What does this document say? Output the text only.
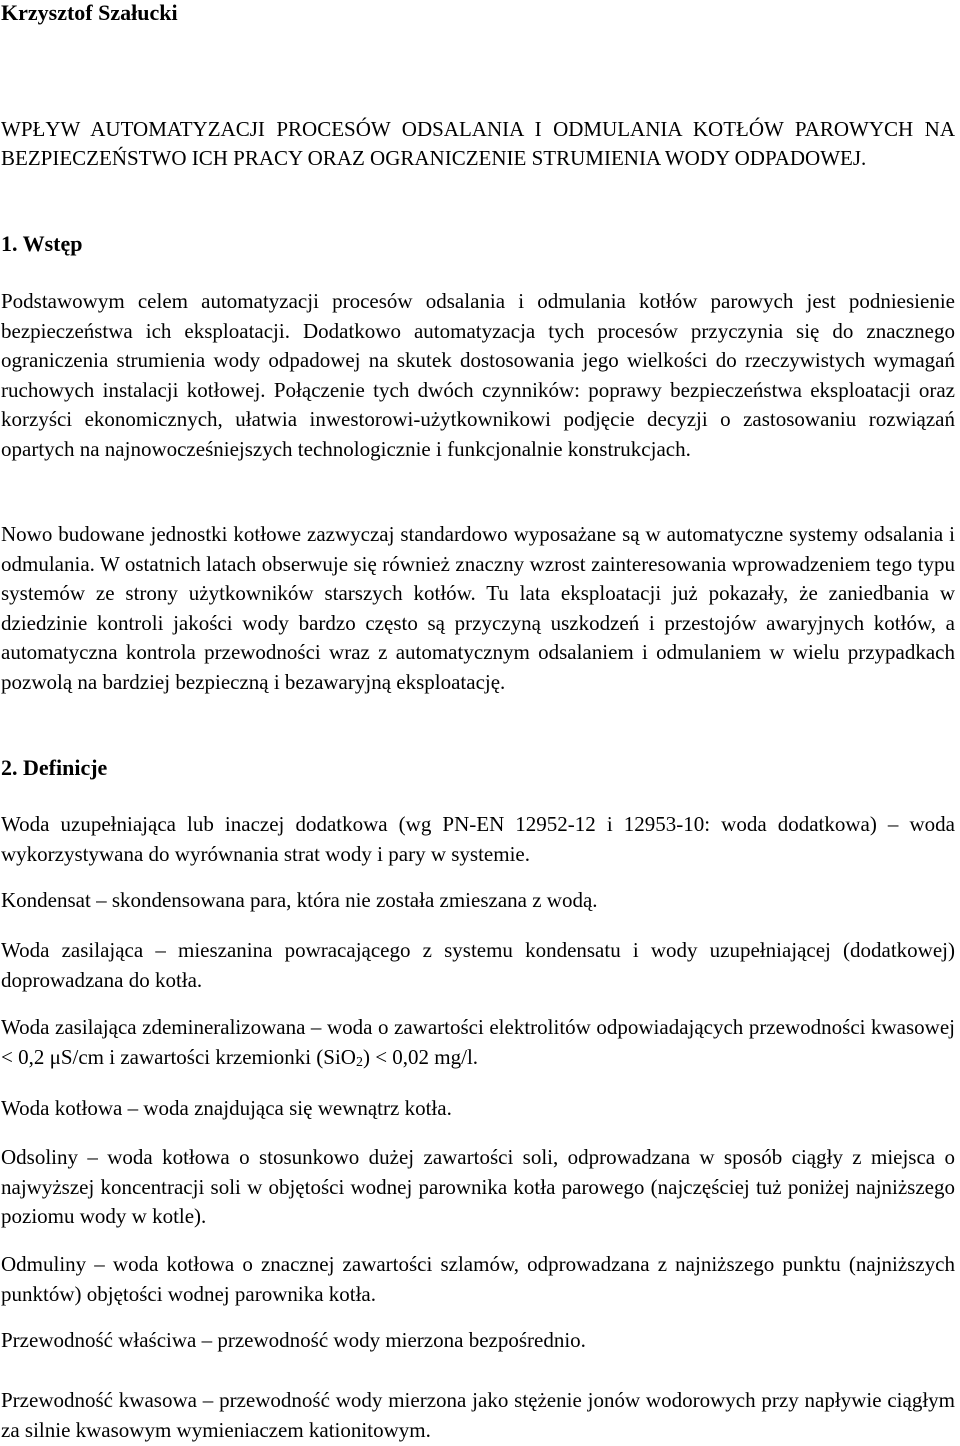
Krzysztof Szałucki
WPŁYW AUTOMATYZACJI PROCESÓW ODSALANIA I ODMULANIA KOTŁÓW PAROWYCH NA BEZPIECZEŃSTWO ICH PRACY ORAZ OGRANICZENIE STRUMIENIA WODY ODPADOWEJ.
1. Wstęp
Podstawowym celem automatyzacji procesów odsalania i odmulania kotłów parowych jest podniesienie bezpieczeństwa ich eksploatacji. Dodatkowo automatyzacja tych procesów przyczynia się do znacznego ograniczenia strumienia wody odpadowej na skutek dostosowania jego wielkości do rzeczywistych wymagań ruchowych instalacji kotłowej. Połączenie tych dwóch czynników: poprawy bezpieczeństwa eksploatacji oraz korzyści ekonomicznych, ułatwia inwestorowi-użytkownikowi podjęcie decyzji o zastosowaniu rozwiązań opartych na najnowocześniejszych technologicznie i funkcjonalnie konstrukcjach.
Nowo budowane jednostki kotłowe zazwyczaj standardowo wyposażane są w automatyczne systemy odsalania i odmulania. W ostatnich latach obserwuje się również znaczny wzrost zainteresowania wprowadzeniem tego typu systemów ze strony użytkowników starszych kotłów. Tu lata eksploatacji już pokazały, że zaniedbania w dziedzinie kontroli jakości wody bardzo często są przyczyną uszkodzeń i przestojów awaryjnych kotłów, a automatyczna kontrola przewodności wraz z automatycznym odsalaniem i odmulaniem w wielu przypadkach pozwolą na bardziej bezpieczną i bezawaryjną eksploatację.
2. Definicje
Woda uzupełniająca lub inaczej dodatkowa (wg PN-EN 12952-12 i 12953-10: woda dodatkowa) – woda wykorzystywana do wyrównania strat wody i pary w systemie.
Kondensat – skondensowana para, która nie została zmieszana z wodą.
Woda zasilająca – mieszanina powracającego z systemu kondensatu i wody uzupełniającej (dodatkowej) doprowadzana do kotła.
Woda zasilająca zdemineralizowana – woda o zawartości elektrolitów odpowiadających przewodności kwasowej < 0,2 μS/cm i zawartości krzemionki (SiO2) < 0,02 mg/l.
Woda kotłowa – woda znajdująca się wewnątrz kotła.
Odsoliny – woda kotłowa o stosunkowo dużej zawartości soli, odprowadzana w sposób ciągły z miejsca o najwyższej koncentracji soli w objętości wodnej parownika kotła parowego (najczęściej tuż poniżej najniższego poziomu wody w kotle).
Odmuliny – woda kotłowa o znacznej zawartości szlamów, odprowadzana z najniższego punktu (najniższych punktów) objętości wodnej parownika kotła.
Przewodność właściwa – przewodność wody mierzona bezpośrednio.
Przewodność kwasowa – przewodność wody mierzona jako stężenie jonów wodorowych przy napływie ciągłym za silnie kwasowym wymieniaczem kationitowym.
